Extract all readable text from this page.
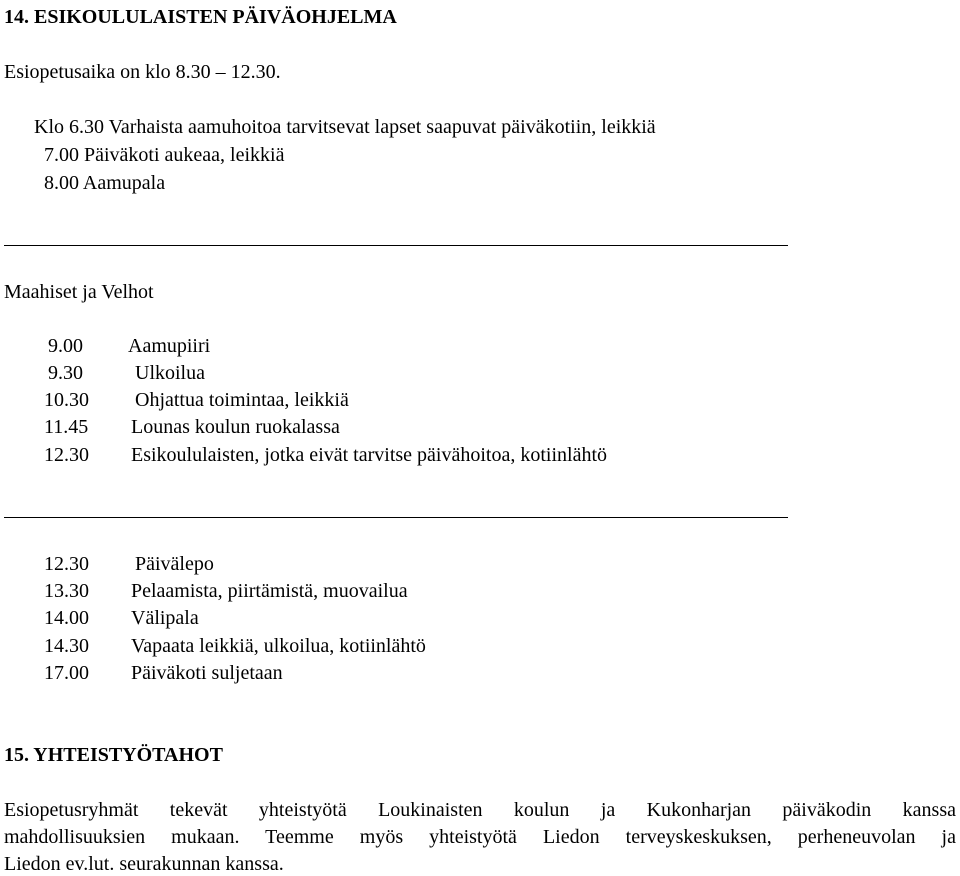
14. ESIKOULULAISTEN PÄIVÄOHJELMA
Esiopetusaika on klo 8.30 – 12.30.
Klo 6.30 Varhaista aamuhoitoa tarvitsevat lapset saapuvat päiväkotiin, leikkiä
7.00 Päiväkoti aukeaa, leikkiä
8.00 Aamupala
Maahiset ja Velhot
9.00 Aamupiiri
9.30	Ulkoilua
10.30 Ohjattua toimintaa, leikkiä
11.45 Lounas koulun ruokalassa
12.30 Esikoululaisten, jotka eivät tarvitse päivähoitoa, kotiinlähtö
12.30 Päivälepo
13.30 Pelaamista, piirtämistä, muovailua
14.00 Välipala
14.30 Vapaata leikkiä, ulkoilua, kotiinlähtö
17.00 Päiväkoti suljetaan
15. YHTEISTYÖTAHOT
Esiopetusryhmät tekevät yhteistyötä Loukinaisten koulun ja Kukonharjan päiväkodin kanssa
mahdollisuuksien mukaan. Teemme myös yhteistyötä Liedon terveyskeskuksen, perheneuvolan ja
Liedon ev.lut. seurakunnan kanssa.
